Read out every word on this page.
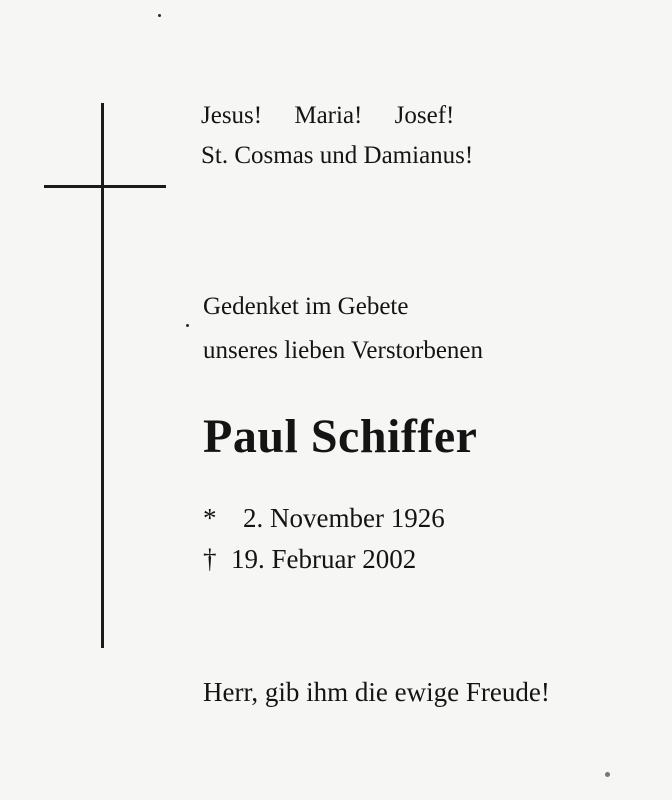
Jesus! Maria! Josef!
St. Cosmas und Damianus!
Gedenket im Gebete
unseres lieben Verstorbenen
Paul Schiffer
* 2. November 1926
† 19. Februar 2002
Herr, gib ihm die ewige Freude!
